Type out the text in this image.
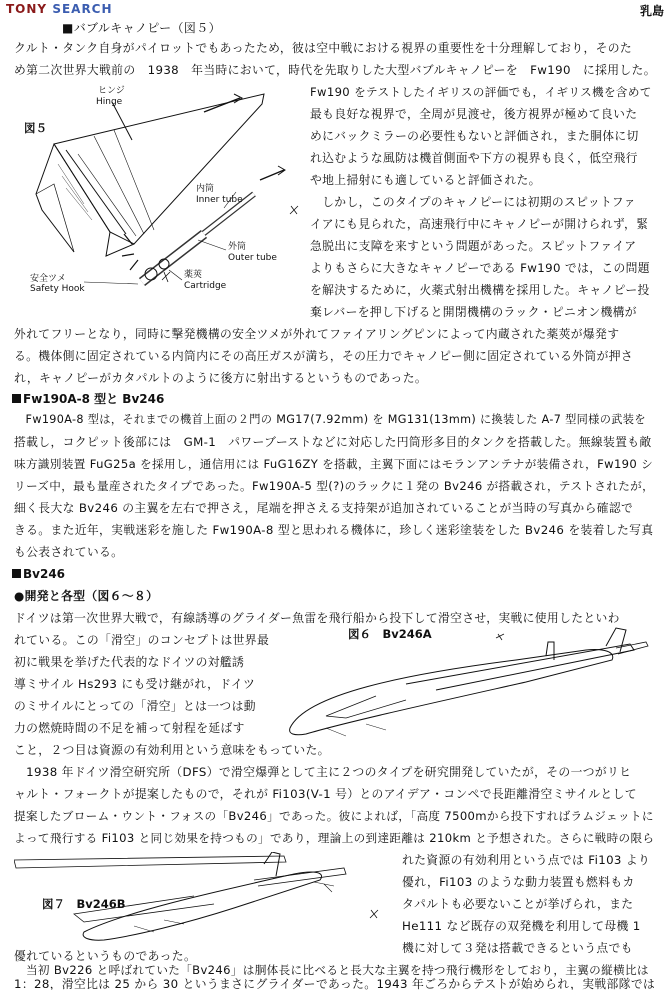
TONY SEARCH	乳島
■バブルキャノピー（図５）
クルト・タンク自身がパイロットでもあったため，彼は空中戦における視界の重要性を十分理解しており，そのた
め第二次世界大戦前の　1938　年当時において，時代を先取りした大型バブルキャノピーを　Fw190　に採用した。
ヒンジ
Hinge
図５
内筒
Inner tube
外筒
Outer tube
薬莢
Cartridge
安全ツメ
Safety Hook
Fw190 をテストしたイギリスの評価でも，イギリス機を含めて
最も良好な視界で，全周が見渡せ，後方視界が極めて良いた
めにバックミラーの必要性もないと評価され，また胴体に切
れ込むような風防は機首側面や下方の視界も良く，低空飛行
や地上掃射にも適していると評価された。
　しかし，このタイプのキャノピーには初期のスピットファ
イアにも見られた，高速飛行中にキャノピーが開けられず，緊
急脱出に支障を来すという問題があった。スピットファイア
よりもさらに大きなキャノピーである Fw190 では，この問題
を解決するために，火薬式射出機構を採用した。キャノピー投
棄レバーを押し下げると開閉機構のラック・ピニオン機構が
外れてフリーとなり，同時に撃発機構の安全ツメが外れてファイアリングピンによって内蔵された薬莢が爆発す
る。機体側に固定されている内筒内にその高圧ガスが満ち，その圧力でキャノピー側に固定されている外筒が押さ
れ，キャノピーがカタパルトのように後方に射出するというものであった。
Fw190A-8 型と Bv246
　Fw190A-8 型は，それまでの機首上面の２門の MG17(7.92mm) を MG131(13mm) に換装した A-7 型同様の武装を
搭載し，コクピット後部には　GM-1　パワーブーストなどに対応した円筒形多目的タンクを搭載した。無線装置も敵
味方識別装置 FuG25a を採用し，通信用には FuG16ZY を搭載，主翼下面にはモランアンテナが装備され，Fw190 シ
リーズ中，最も量産されたタイプであった。Fw190A-5 型(?)のラックに１発の Bv246 が搭載され，テストされたが，
細く長大な Bv246 の主翼を左右で押さえ，尾端を押さえる支持架が追加されていることが当時の写真から確認で
きる。また近年，実戦迷彩を施した Fw190A-8 型と思われる機体に，珍しく迷彩塗装をした Bv246 を装着した写真
も公表されている。
Bv246
●開発と各型（図６～８）
ドイツは第一次世界大戦で，有線誘導のグライダー魚雷を飛行船から投下して滑空させ，実戦に使用したといわ
れている。この「滑空」のコンセプトは世界最
初に戦果を挙げた代表的なドイツの対艦誘
導ミサイル Hs293 にも受け継がれ，ドイツ
のミサイルにとっての「滑空」とは一つは動
力の燃焼時間の不足を補って射程を延ばす
こと，２つ目は資源の有効利用という意味をもっていた。
図６　Bv246A
　1938 年ドイツ滑空研究所（DFS）で滑空爆弾として主に２つのタイプを研究開発していたが，その一つがリヒ
ャルト・フォークトが提案したもので，それが Fi103(V-1 号）とのアイデア・コンペで長距離滑空ミサイルとして
提案したブローム・ウント・フォスの「Bv246」であった。彼によれば，「高度 7500mから投下すればラムジェットに
よって飛行する Fi103 と同じ効果を持つもの」であり，理論上の到達距離は 210km と予想された。さらに戦時の限ら
図７　Bv246B
れた資源の有効利用という点では Fi103 より
優れ，Fi103 のような動力装置も燃料もカ
タパルトも必要ないことが挙げられ，また
He111 など既存の双発機を利用して母機 1
機に対して３発は搭載できるという点でも
優れているというものであった。
　当初 Bv226 と呼ばれていた「Bv246」は胴体長に比べると長大な主翼を持つ飛行機形をしており，主翼の縦横比は
1：28，滑空比は 25 から 30 というまさにグライダーであった。1943 年ごろからテストが始められ，実戦部隊では
